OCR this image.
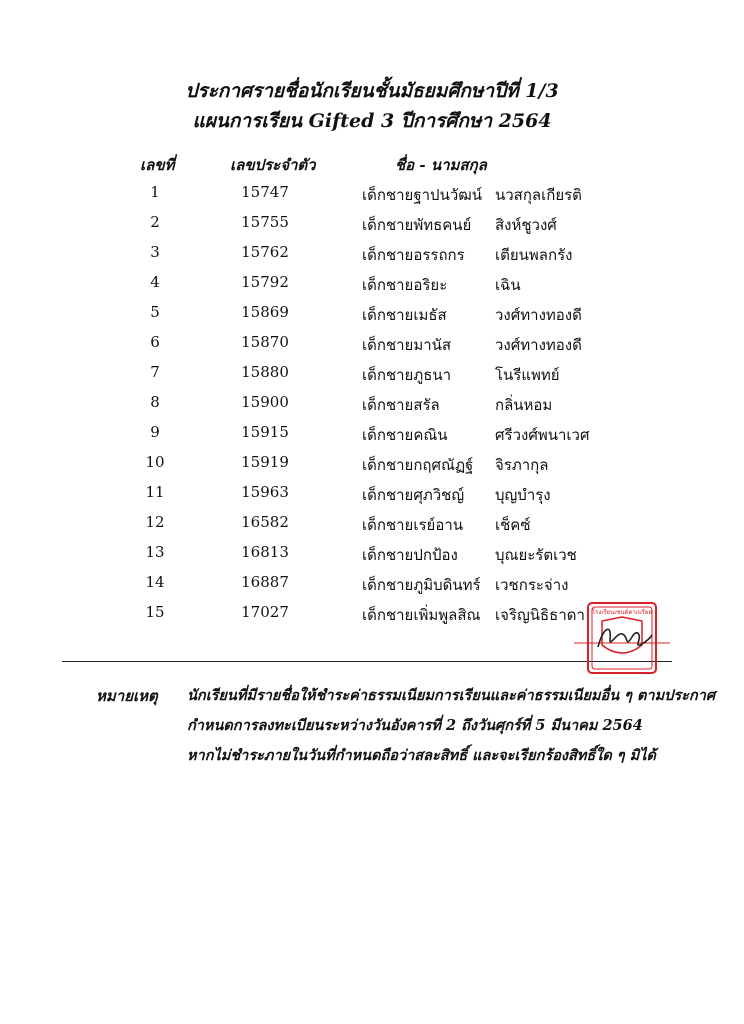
ประกาศรายชื่อนักเรียนชั้นมัธยมศึกษาปีที่ 1/3
แผนการเรียน Gifted 3 ปีการศึกษา 2564
เลขที่	เลขประจำตัว	ชื่อ - นามสกุล
1	15747	เด็กชายฐาปนวัฒน์ นวสกุลเกียรติ
2	15755	เด็กชายพัทธคนย์ สิงห์ชูวงศ์
3	15762	เด็กชายอรรถกร เตียนพลกรัง
4	15792	เด็กชายอริยะ	เฉิน
5	15869	เด็กชายเมธัส	วงศ์ทางทองดี
6	15870	เด็กชายมานัส	วงศ์ทางทองดี
7	15880	เด็กชายภูธนา	โนรีแพทย์
8	15900	เด็กชายสรัล	กลิ่นหอม
9	15915	เด็กชายคณิน	ศรีวงศ์พนาเวศ
10	15919	เด็กชายกฤศณัฏฐ์ จิรภากุล
11	15963	เด็กชายศุภวิชญ์ บุญบำรุง
12	16582	เด็กชายเรย์อาน เช็คซ์
13	16813	เด็กชายปกป้อง บุณยะรัตเวช
14	16887	เด็กชายภูมิบดินทร์ เวชกระจ่าง
15	17027	เด็กชายเพิ่มพูลสิณ เจริญนิธิธาดา
หมายเหตุ นักเรียนที่มีรายชื่อให้ชำระค่าธรรมเนียมการเรียนและค่าธรรมเนียมอื่น ๆ ตามประกาศ
กำหนดการลงทะเบียนระหว่างวันอังคารที่ 2 ถึงวันศุกร์ที่ 5 มีนาคม 2564
หากไม่ชำระภายในวันที่กำหนดถือว่าสละสิทธิ์ และจะเรียกร้องสิทธิ์ใด ๆ มิได้
โรงเรียนเซนต์คาเบรียล
